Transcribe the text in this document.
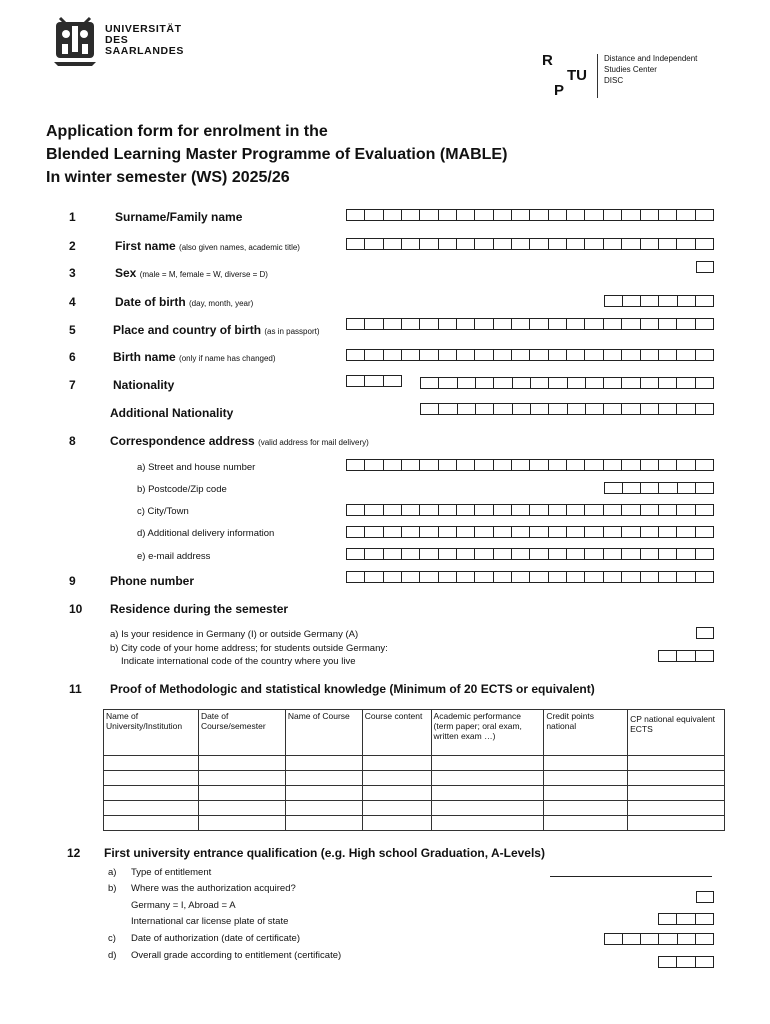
UNIVERSITÄT
DES
SAARLANDES
R
TU
P
Distance and Independent
Studies Center
DISC
Application form for enrolment in the
Blended Learning Master Programme of Evaluation (MABLE)
In winter semester (WS) 2025/26
1	Surname/Family name
2	First name (also given names, academic title)
3	Sex (male = M, female = W, diverse = D)
4	Date of birth (day, month, year)
5	Place and country of birth (as in passport)
6	Birth name (only if name has changed)
7	Nationality
Additional Nationality
8	Correspondence address (valid address for mail delivery)
a) Street and house number
b) Postcode/Zip code
c) City/Town
d) Additional delivery information
e) e-mail address
9	Phone number
10 Residence during the semester
a) Is your residence in Germany (I) or outside Germany (A)
b) City code of your home address; for students outside Germany:
Indicate international code of the country where you live
11 Proof of Methodologic and statistical knowledge (Minimum of 20 ECTS or equivalent)
Name of University/Institution	Date of Course/semester	Name of Course	Course content	Academic performance (term paper; oral exam, written exam …)	Credit points national	CP national equivalent ECTS

12 First university entrance qualification (e.g. High school Graduation, A-Levels)
a) Type of entitlement
b) Where was the authorization acquired?
Germany = I, Abroad = A
International car license plate of state
c) Date of authorization (date of certificate)
d) Overall grade according to entitlement (certificate)
